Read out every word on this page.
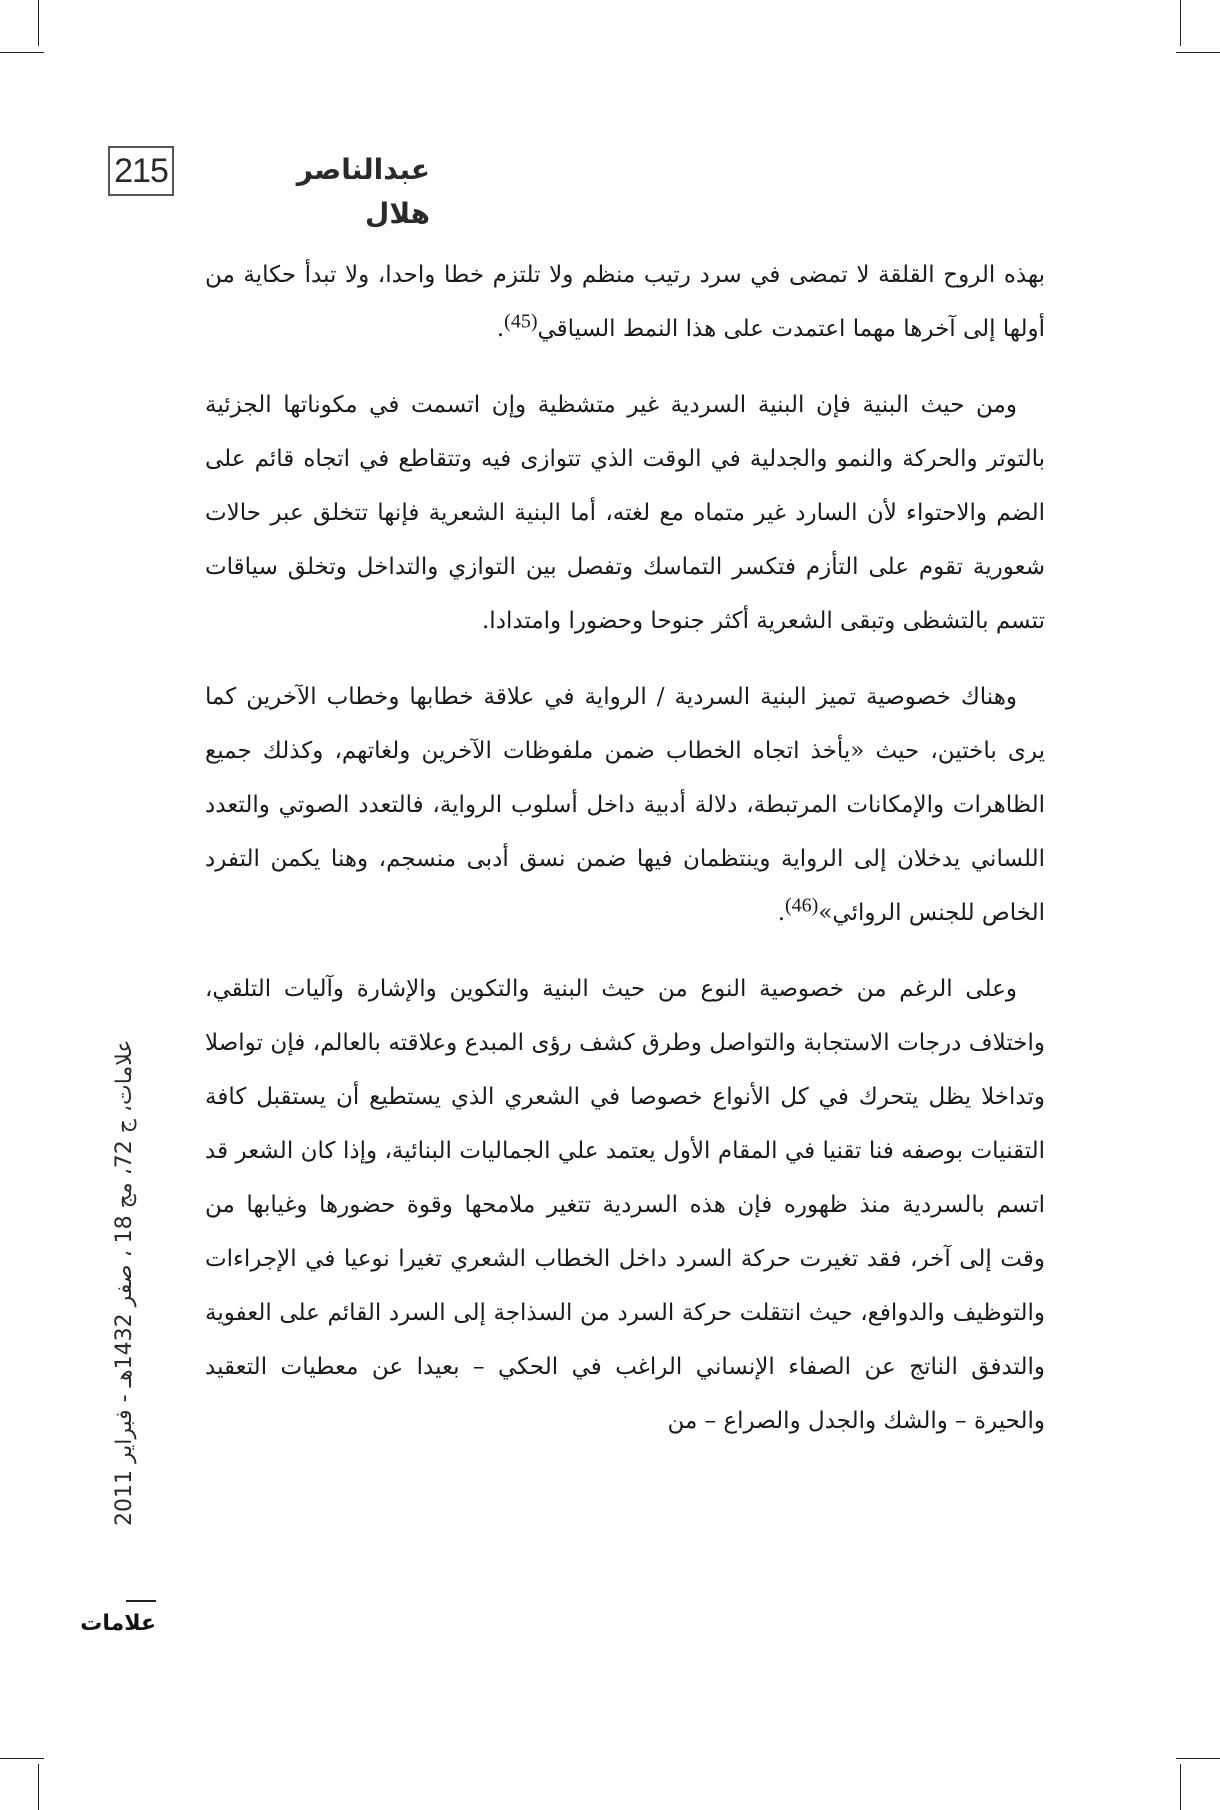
215	عبدالناصر هلال

بهذه الروح القلقة لا تمضى في سرد رتيب منظم ولا تلتزم خطا واحدا، ولا تبدأ حكاية من أولها إلى آخرها مهما اعتمدت على هذا النمط السياقي(45).

ومن حيث البنية فإن البنية السردية غير متشظية وإن اتسمت في مكوناتها الجزئية بالتوتر والحركة والنمو والجدلية في الوقت الذي تتوازى فيه وتتقاطع في اتجاه قائم على الضم والاحتواء لأن السارد غير متماه مع لغته، أما البنية الشعرية فإنها تتخلق عبر حالات شعورية تقوم على التأزم فتكسر التماسك وتفصل بين التوازي والتداخل وتخلق سياقات تتسم بالتشظى وتبقى الشعرية أكثر جنوحا وحضورا وامتدادا.

وهناك خصوصية تميز البنية السردية / الرواية في علاقة خطابها وخطاب الآخرين كما يرى باختين، حيث «يأخذ اتجاه الخطاب ضمن ملفوظات الآخرين ولغاتهم، وكذلك جميع الظاهرات والإمكانات المرتبطة، دلالة أدبية داخل أسلوب الرواية، فالتعدد الصوتي والتعدد اللساني يدخلان إلى الرواية وينتظمان فيها ضمن نسق أدبى منسجم، وهنا يكمن التفرد الخاص للجنس الروائي»(46).

وعلى الرغم من خصوصية النوع من حيث البنية والتكوين والإشارة وآليات التلقي، واختلاف درجات الاستجابة والتواصل وطرق كشف رؤى المبدع وعلاقته بالعالم، فإن تواصلا وتداخلا يظل يتحرك في كل الأنواع خصوصا في الشعري الذي يستطيع أن يستقبل كافة التقنيات بوصفه فنا تقنيا في المقام الأول يعتمد علي الجماليات البنائية، وإذا كان الشعر قد اتسم بالسردية منذ ظهوره فإن هذه السردية تتغير ملامحها وقوة حضورها وغيابها من وقت إلى آخر، فقد تغيرت حركة السرد داخل الخطاب الشعري تغيرا نوعيا في الإجراءات والتوظيف والدوافع، حيث انتقلت حركة السرد من السذاجة إلى السرد القائم على العفوية والتدفق الناتج عن الصفاء الإنساني الراغب في الحكي – بعيدا عن معطيات التعقيد والحيرة – والشك والجدل والصراع – من

علامات، ج 72، مج 18 ، صفر 1432هـ - فبراير 2011
علامات
